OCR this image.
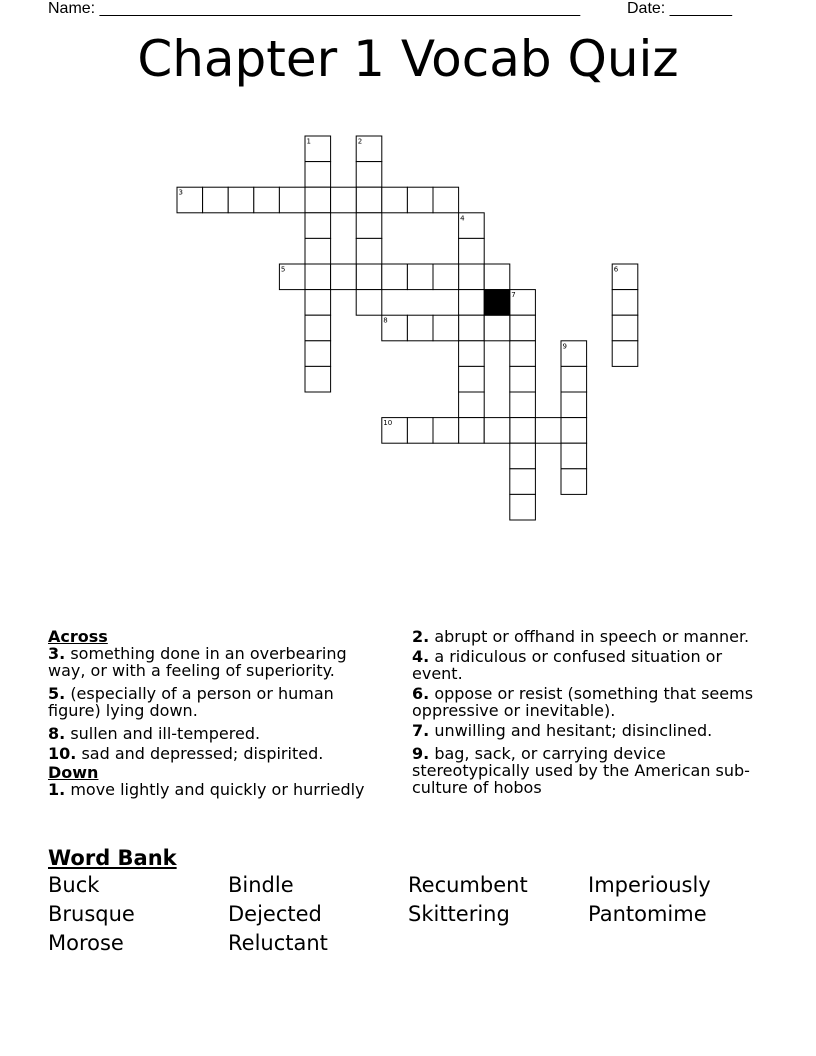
Name: ______________________________________________________	Date: _______
Chapter 1 Vocab Quiz
1	2
3
4
5	6
7
8
9
10

Across

3. something done in an overbearing way, or with a feeling of superiority.

5. (especially of a person or human figure) lying down.

8. sullen and ill-tempered.

10. sad and depressed; dispirited.

Down

1. move lightly and quickly or hurriedly

2. abrupt or offhand in speech or manner.

4. a ridiculous or confused situation or event.

6. oppose or resist (something that seems oppressive or inevitable).

7. unwilling and hesitant; disinclined.

9. bag, sack, or carrying device stereotypically used by the American sub-culture of hobos

Word Bank
Buck	Bindle	Recumbent	Imperiously
Brusque	Dejected	Skittering	Pantomime
Morose	Reluctant
